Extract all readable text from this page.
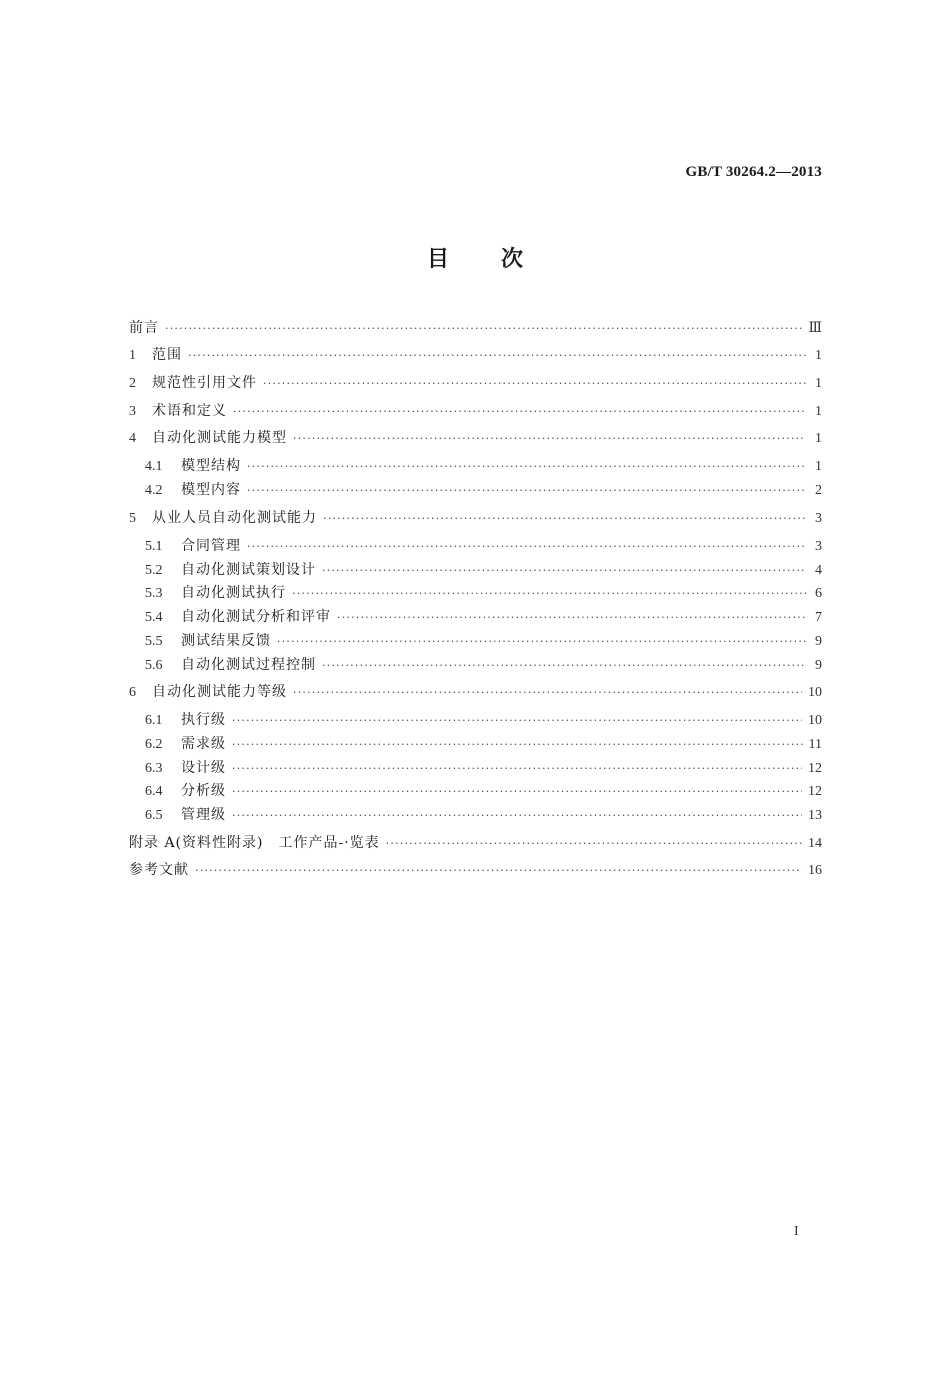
GB/T 30264.2—2013
目 次
前言 ·····	Ⅲ
1	范围 ·····	1
2	规范性引用文件 ·····	1
3	术语和定义 ·····	1
4	自动化测试能力模型 ·····	1
4.1	模型结构 ·····	1
4.2	模型内容 ·····	2
5	从业人员自动化测试能力 ·····	3
5.1	合同管理 ·····	3
5.2	自动化测试策划设计 ·····	4
5.3	自动化测试执行 ·····	6
5.4	自动化测试分析和评审 ·····	7
5.5	测试结果反馈 ·····	9
5.6	自动化测试过程控制 ·····	9
6	自动化测试能力等级 ·····	10
6.1	执行级 ·····	10
6.2	需求级 ·····	11
6.3	设计级 ·····	12
6.4	分析级 ·····	12
6.5	管理级 ·····	13
附录 A(资料性附录)　工作产品-·览表 ·····	14
参考文献 ·····	16
I
